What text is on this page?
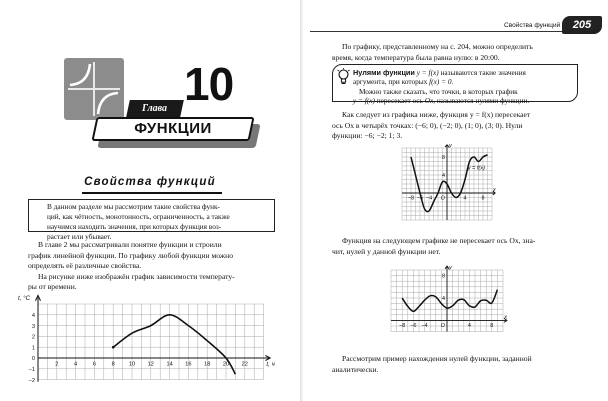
10
Глава
ФУНКЦИИ
Свойства функций
В данном разделе мы рассмотрим такие свойства функ-
ций, как чётность, монотонность, ограниченность, а также
научимся находить значения, при которых функция воз-
растает или убывает.
В главе 2 мы рассматривали понятие функции и строили
график линейной функции. По графику любой функции можно
определять её различные свойства.
На рисунке ниже изображён график зависимости температу-
ры от времени.
4
3
2
1
0
−1
−2
2	4	6	8	10 12 14 16 18 20 22
t, °C
t, ч
Свойства функций	205
По графику, представленному на с. 204, можно определить
время, когда температура была равна нулю: в 20:00.
Нулями функции y = f(x) называются такие значения
аргумента, при которых f(x) = 0.
Можно также сказать, что точки, в которых график
y = f(x) пересекает ось Ox, называются нулями функции.
Как следует из графика ниже, функция y = f(x) пересекает
ось Ox в четырёх точках: (−6; 0), (−2; 0), (1; 0), (3; 0). Нули
функции: −6; −2; 1; 3.
8
4
−8 −6 −4	4	8
O
y
x
y = f(x)
Функция на следующем графике не пересекает ось Ox, зна-
чит, нулей у данной функции нет.
8
4
−8 −6 −4	4	8
O
y
x
Рассмотрим пример нахождения нулей функции, заданной
аналитически.
